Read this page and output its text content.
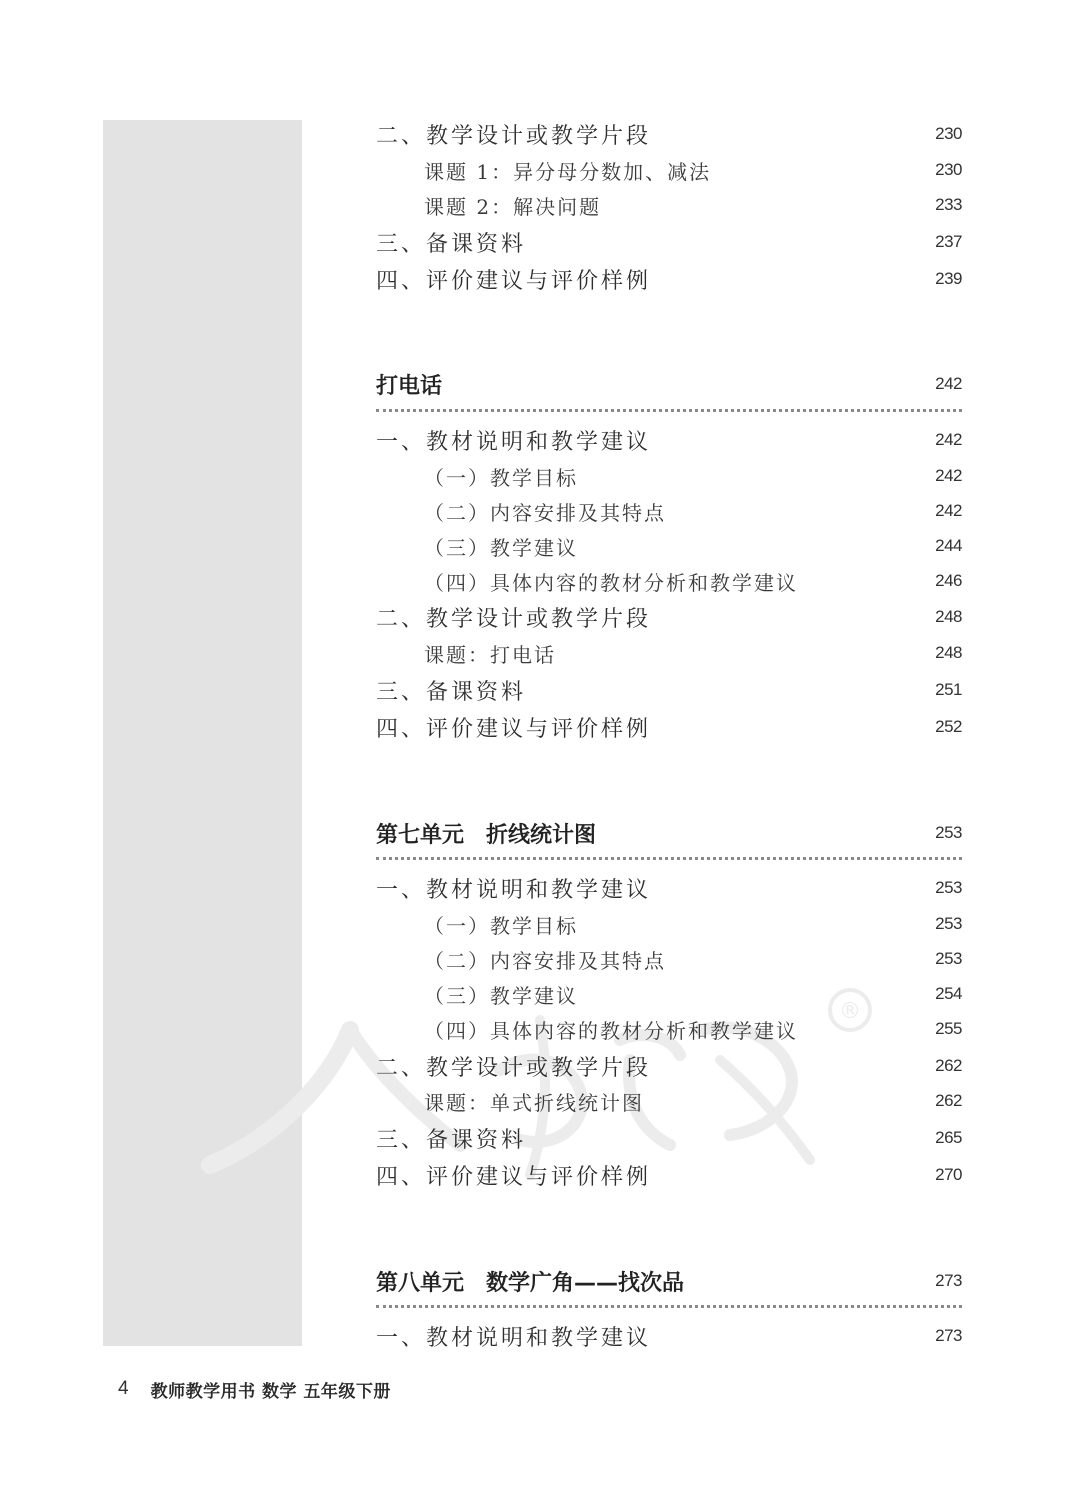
®
二、教学设计或教学片段	230
课题 1：异分母分数加、减法	230
课题 2：解决问题	233
三、备课资料	237
四、评价建议与评价样例	239
打电话	242
一、教材说明和教学建议	242
（一）教学目标	242
（二）内容安排及其特点	242
（三）教学建议	244
（四）具体内容的教材分析和教学建议	246
二、教学设计或教学片段	248
课题：打电话	248
三、备课资料	251
四、评价建议与评价样例	252
第七单元　折线统计图	253
一、教材说明和教学建议	253
（一）教学目标	253
（二）内容安排及其特点	253
（三）教学建议	254
（四）具体内容的教材分析和教学建议	255
二、教学设计或教学片段	262
课题：单式折线统计图	262
三、备课资料	265
四、评价建议与评价样例	270
第八单元　数学广角——找次品	273
一、教材说明和教学建议	273
4 教师教学用书 数学 五年级下册
